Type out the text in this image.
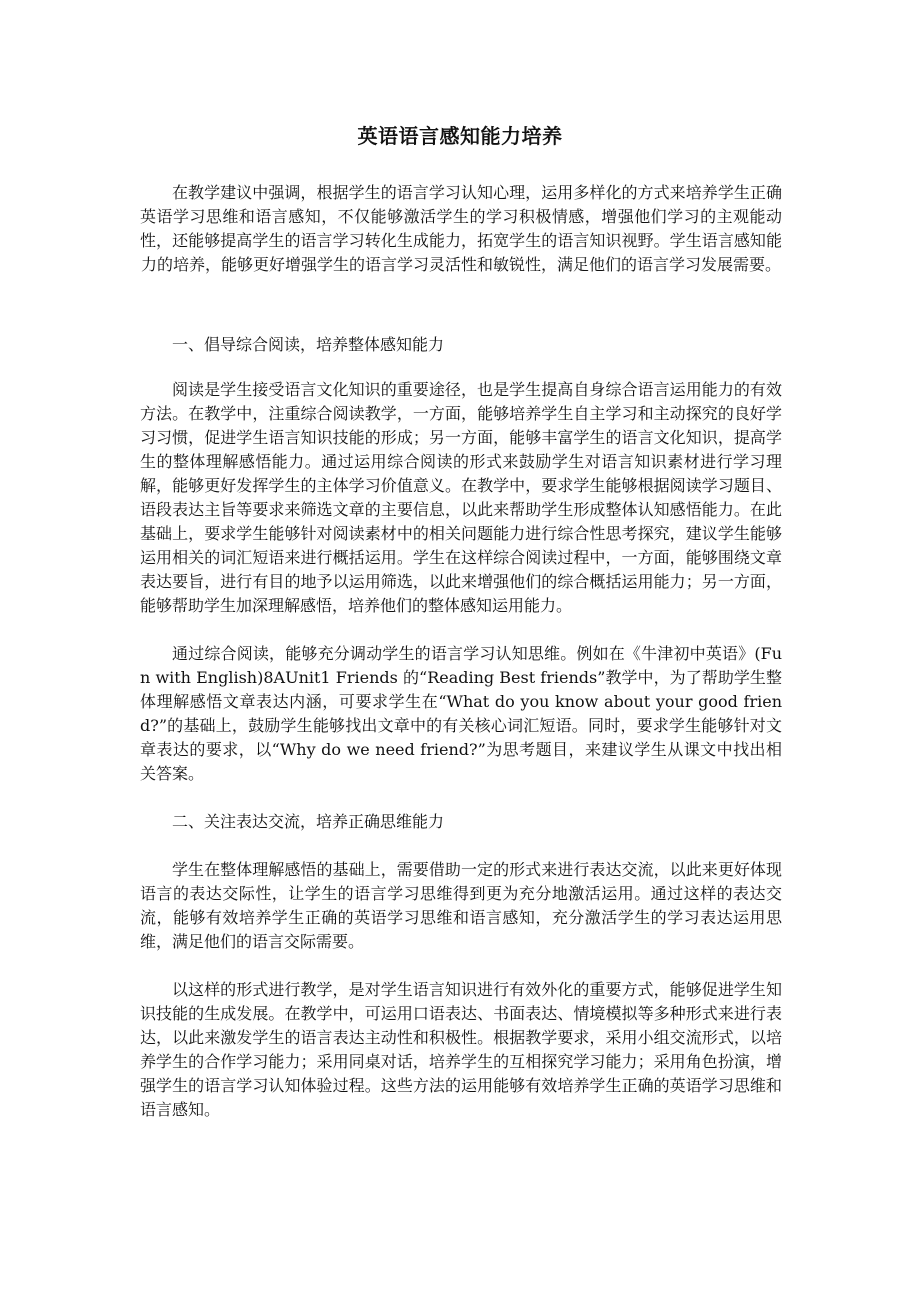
英语语言感知能力培养

在教学建议中强调，根据学生的语言学习认知心理，运用多样化的方式来培养学生正确英语学习思维和语言感知，不仅能够激活学生的学习积极情感，增强他们学习的主观能动性，还能够提高学生的语言学习转化生成能力，拓宽学生的语言知识视野。学生语言感知能力的培养，能够更好增强学生的语言学习灵活性和敏锐性，满足他们的语言学习发展需要。

一、倡导综合阅读，培养整体感知能力

阅读是学生接受语言文化知识的重要途径，也是学生提高自身综合语言运用能力的有效方法。在教学中，注重综合阅读教学，一方面，能够培养学生自主学习和主动探究的良好学习习惯，促进学生语言知识技能的形成；另一方面，能够丰富学生的语言文化知识，提高学生的整体理解感悟能力。通过运用综合阅读的形式来鼓励学生对语言知识素材进行学习理解，能够更好发挥学生的主体学习价值意义。在教学中，要求学生能够根据阅读学习题目、语段表达主旨等要求来筛选文章的主要信息，以此来帮助学生形成整体认知感悟能力。在此基础上，要求学生能够针对阅读素材中的相关问题能力进行综合性思考探究，建议学生能够运用相关的词汇短语来进行概括运用。学生在这样综合阅读过程中，一方面，能够围绕文章表达要旨，进行有目的地予以运用筛选，以此来增强他们的综合概括运用能力；另一方面，能够帮助学生加深理解感悟，培养他们的整体感知运用能力。

通过综合阅读，能够充分调动学生的语言学习认知思维。例如在《牛津初中英语》(Fun with English)8AUnit1 Friends 的“Reading Best friends”教学中，为了帮助学生整体理解感悟文章表达内涵，可要求学生在“What do you know about your good friend?”的基础上，鼓励学生能够找出文章中的有关核心词汇短语。同时，要求学生能够针对文章表达的要求，以“Why do we need friend?”为思考题目，来建议学生从课文中找出相关答案。

二、关注表达交流，培养正确思维能力

学生在整体理解感悟的基础上，需要借助一定的形式来进行表达交流，以此来更好体现语言的表达交际性，让学生的语言学习思维得到更为充分地激活运用。通过这样的表达交流，能够有效培养学生正确的英语学习思维和语言感知，充分激活学生的学习表达运用思维，满足他们的语言交际需要。

以这样的形式进行教学，是对学生语言知识进行有效外化的重要方式，能够促进学生知识技能的生成发展。在教学中，可运用口语表达、书面表达、情境模拟等多种形式来进行表达，以此来激发学生的语言表达主动性和积极性。根据教学要求，采用小组交流形式，以培养学生的合作学习能力；采用同桌对话，培养学生的互相探究学习能力；采用角色扮演，增强学生的语言学习认知体验过程。这些方法的运用能够有效培养学生正确的英语学习思维和语言感知。
